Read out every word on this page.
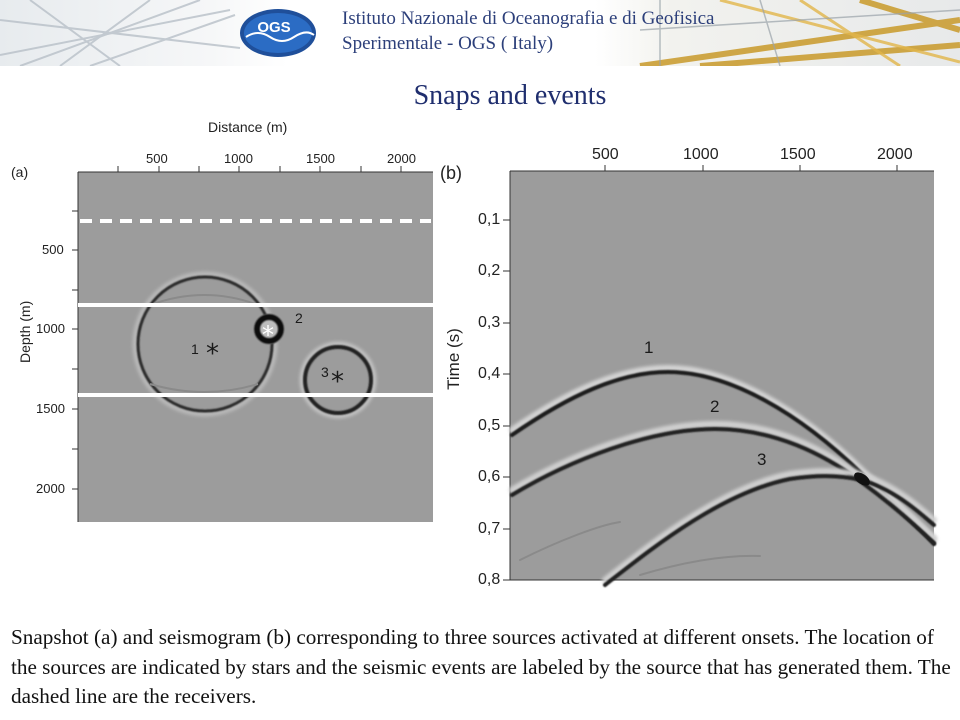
OGS	Istituto Nazionale di Oceanografia e di Geofisica
Sperimentale - OGS ( Italy)
Snaps and events
Distance (m)
(a)	(b)
500	1000	1500	2000
500
1000
1500
2000
Depth (m)	*
1	*
2
*
3
1
2
3
500	1000	1500	2000
0,1
0,2
0,3
0,4
0,5
0,6
0,7
0,8
Time (s)
Snapshot (a) and seismogram (b) corresponding to three sources activated at different onsets. The location of the sources are indicated by stars and the seismic events are labeled by the source that has generated them. The dashed line are the receivers.
